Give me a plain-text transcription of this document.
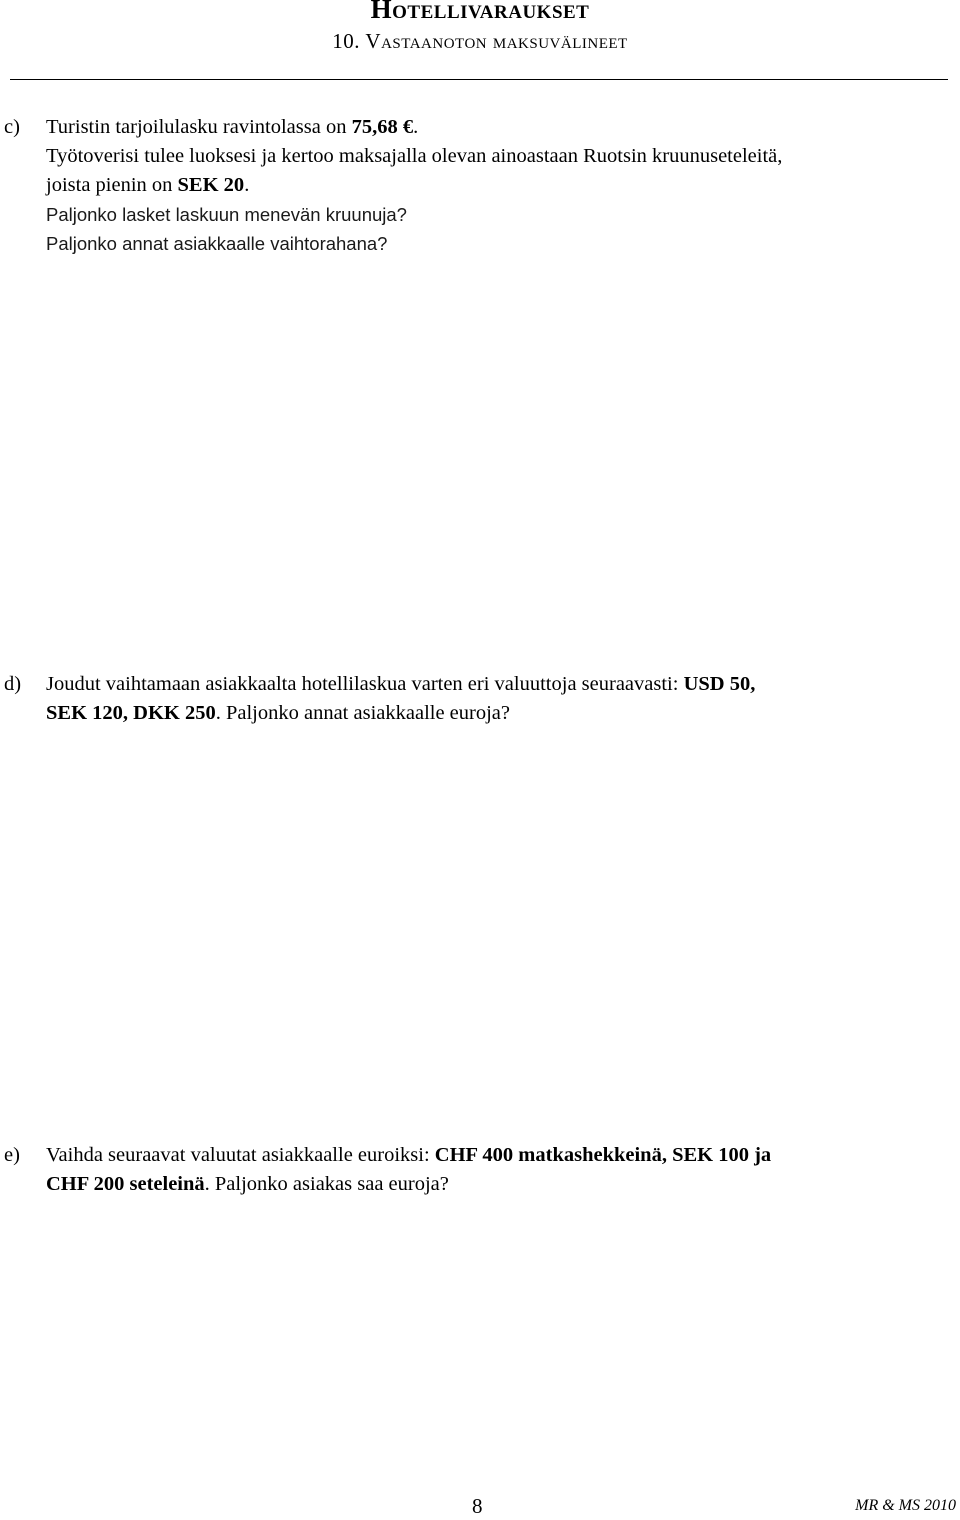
Hotellivaraukset
10. Vastaanoton maksuvälineet
c) Turistin tarjoilulasku ravintolassa on 75,68 €.
Työtoverisi tulee luoksesi ja kertoo maksajalla olevan ainoastaan Ruotsin kruunuseteleitä,
joista pienin on SEK 20.
Paljonko lasket laskuun menevän kruunuja?
Paljonko annat asiakkaalle vaihtorahana?
d) Joudut vaihtamaan asiakkaalta hotellilaskua varten eri valuuttoja seuraavasti: USD 50,
SEK 120, DKK 250. Paljonko annat asiakkaalle euroja?
e) Vaihda seuraavat valuutat asiakkaalle euroiksi: CHF 400 matkashekkeinä, SEK 100 ja
CHF 200 seteleinä. Paljonko asiakas saa euroja?
8	MR & MS 2010
